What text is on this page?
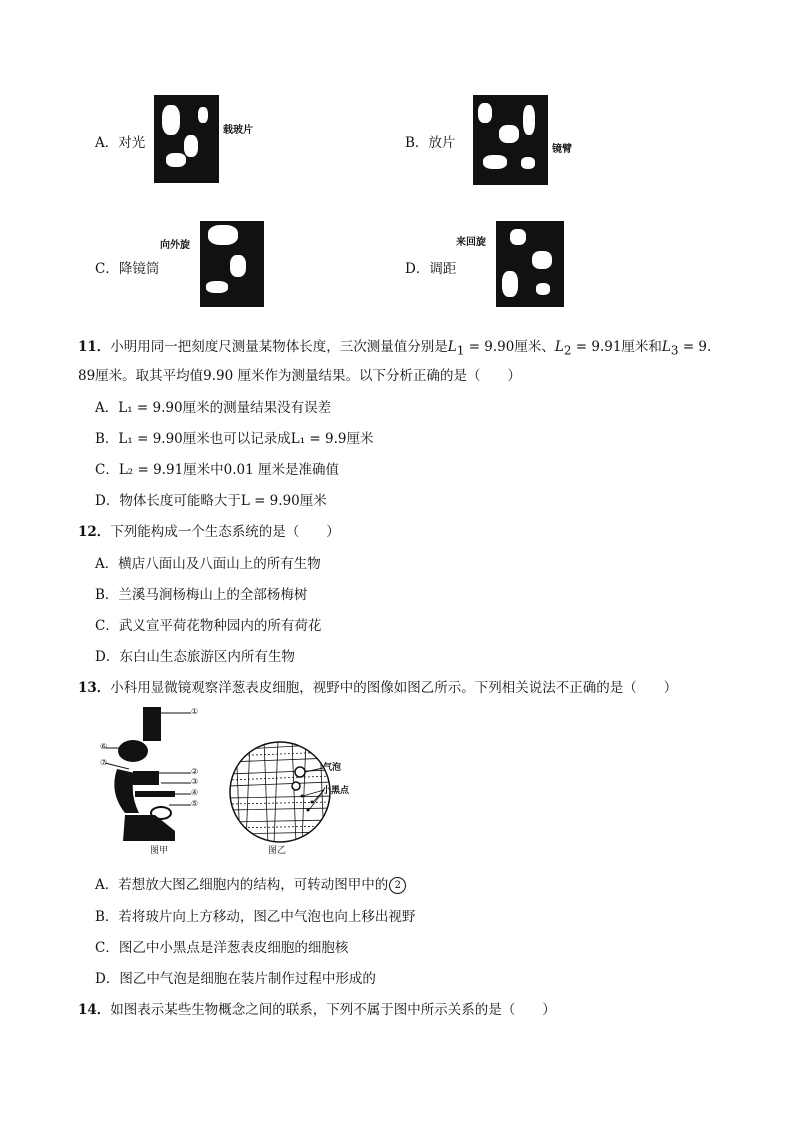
A．对光
载玻片
B．放片	镜臂
C．降镜筒
向外旋
D．调距
来回旋
11．小明用同一把刻度尺测量某物体长度，三次测量值分别是$L_1 = 9.90$厘米、$L_2 = 9.91$厘米和$L_3 = 9$.
89厘米。取其平均值9.90 厘米作为测量结果。以下分析正确的是（　　）
A．L₁ = 9.90厘米的测量结果没有误差
B．L₁ = 9.90厘米也可以记录成L₁ = 9.9厘米
C．L₂ = 9.91厘米中0.01 厘米是准确值
D．物体长度可能略大于L = 9.90厘米
12．下列能构成一个生态系统的是（　　）
A．横店八面山及八面山上的所有生物
B．兰溪马涧杨梅山上的全部杨梅树
C．武义宣平荷花物种园内的所有荷花
D．东白山生态旅游区内所有生物
13．小科用显微镜观察洋葱表皮细胞，视野中的图像如图乙所示。下列相关说法不正确的是（　　）
①
②
③
④
⑤
⑥
⑦
图甲
气泡
小黑点
图乙
A．若想放大图乙细胞内的结构，可转动图甲中的 2
B．若将玻片向上方移动，图乙中气泡也向上移出视野
C．图乙中小黑点是洋葱表皮细胞的细胞核
D．图乙中气泡是细胞在装片制作过程中形成的
14．如图表示某些生物概念之间的联系，下列不属于图中所示关系的是（　　）
